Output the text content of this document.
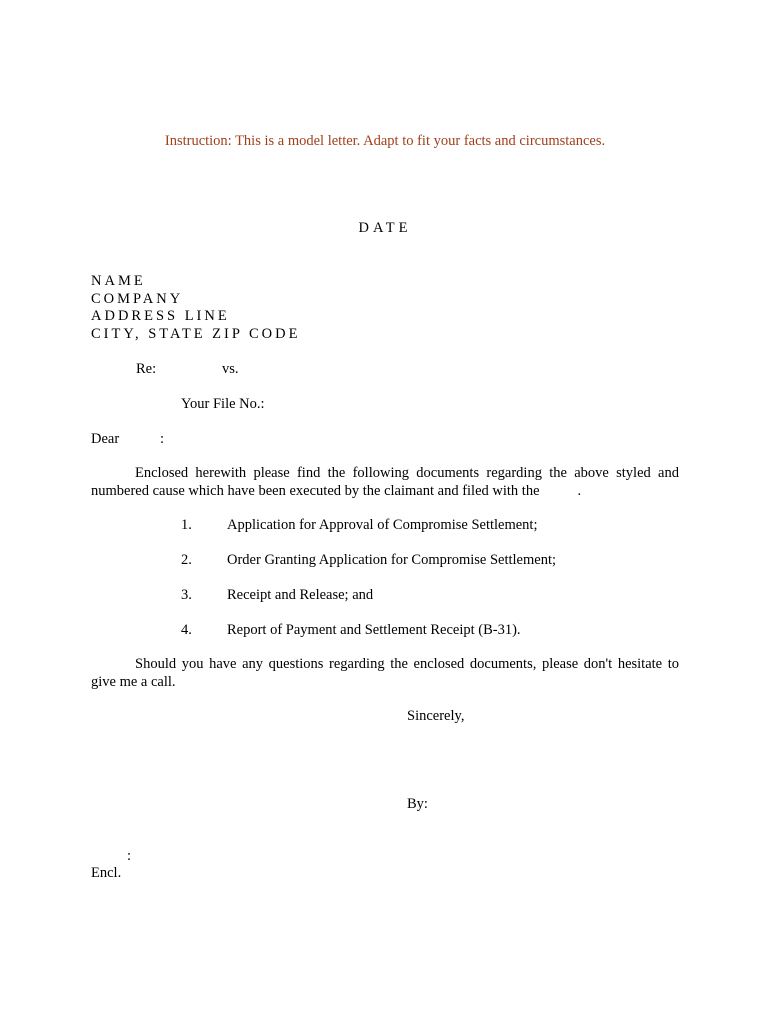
Instruction: This is a model letter. Adapt to fit your facts and circumstances.
DATE
NAME
COMPANY
ADDRESS LINE
CITY, STATE ZIP CODE
Re:	vs.
Your File No.:
Dear	:
Enclosed herewith please find the following documents regarding the above styled and numbered cause which have been executed by the claimant and filed with the	.
1. Application for Approval of Compromise Settlement;
2. Order Granting Application for Compromise Settlement;
3. Receipt and Release; and
4. Report of Payment and Settlement Receipt (B-31).
Should you have any questions regarding the enclosed documents, please don't hesitate to give me a call.
Sincerely,
By:
:
Encl.
